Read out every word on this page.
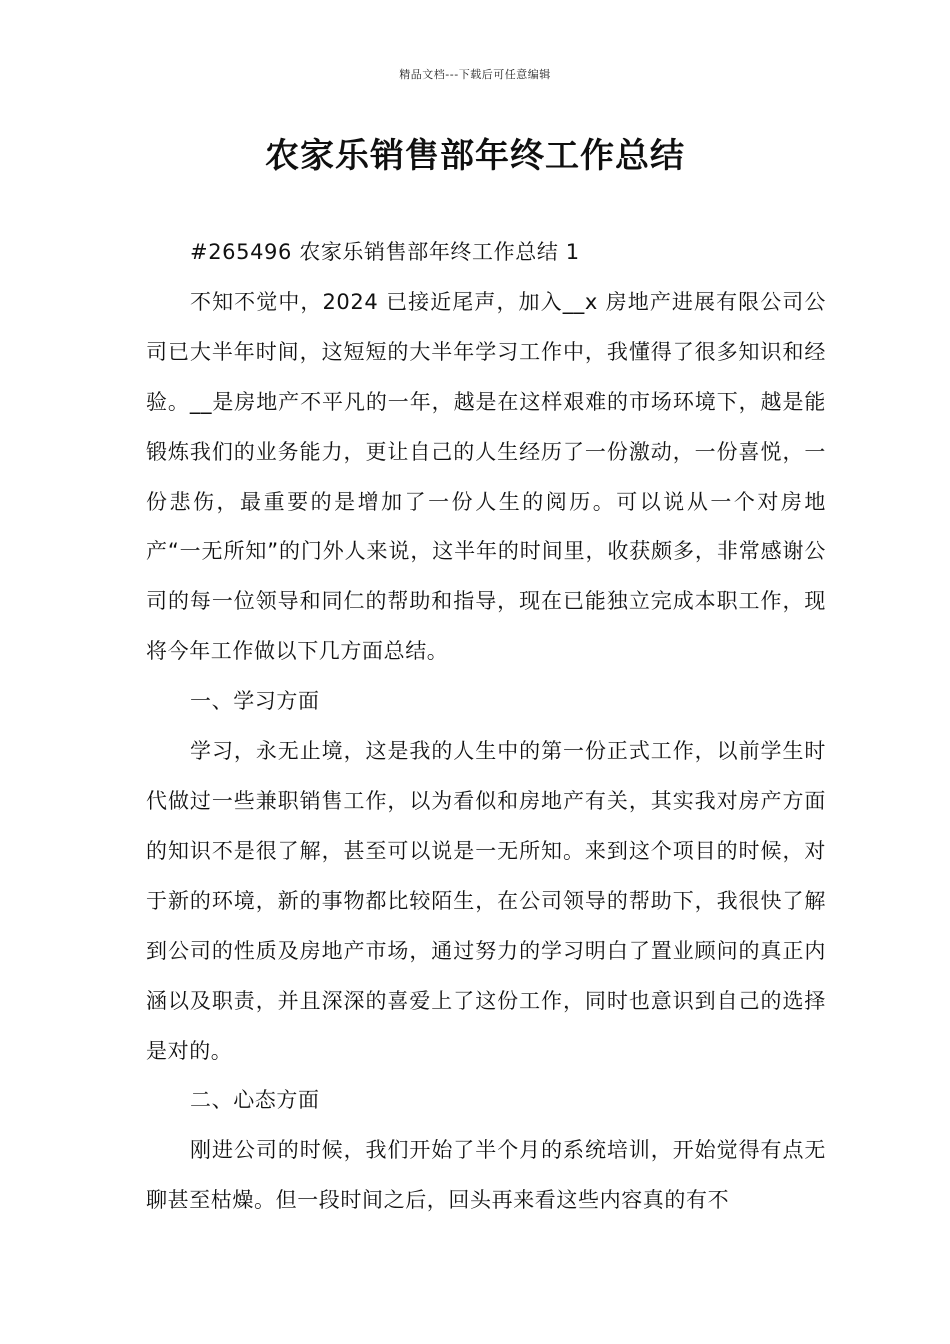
精品文档---下载后可任意编辑
农家乐销售部年终工作总结

#265496 农家乐销售部年终工作总结 1

不知不觉中，2024 已接近尾声，加入__x 房地产进展有限公司公司已大半年时间，这短短的大半年学习工作中，我懂得了很多知识和经验。__是房地产不平凡的一年，越是在这样艰难的市场环境下，越是能锻炼我们的业务能力，更让自己的人生经历了一份激动，一份喜悦，一份悲伤，最重要的是增加了一份人生的阅历。可以说从一个对房地产“一无所知”的门外人来说，这半年的时间里，收获颇多，非常感谢公司的每一位领导和同仁的帮助和指导，现在已能独立完成本职工作，现将今年工作做以下几方面总结。

一、学习方面

学习，永无止境，这是我的人生中的第一份正式工作，以前学生时代做过一些兼职销售工作，以为看似和房地产有关，其实我对房产方面的知识不是很了解，甚至可以说是一无所知。来到这个项目的时候，对于新的环境，新的事物都比较陌生，在公司领导的帮助下，我很快了解到公司的性质及房地产市场，通过努力的学习明白了置业顾问的真正内涵以及职责，并且深深的喜爱上了这份工作，同时也意识到自己的选择是对的。

二、心态方面

刚进公司的时候，我们开始了半个月的系统培训，开始觉得有点无聊甚至枯燥。但一段时间之后，回头再来看这些内容真的有不
